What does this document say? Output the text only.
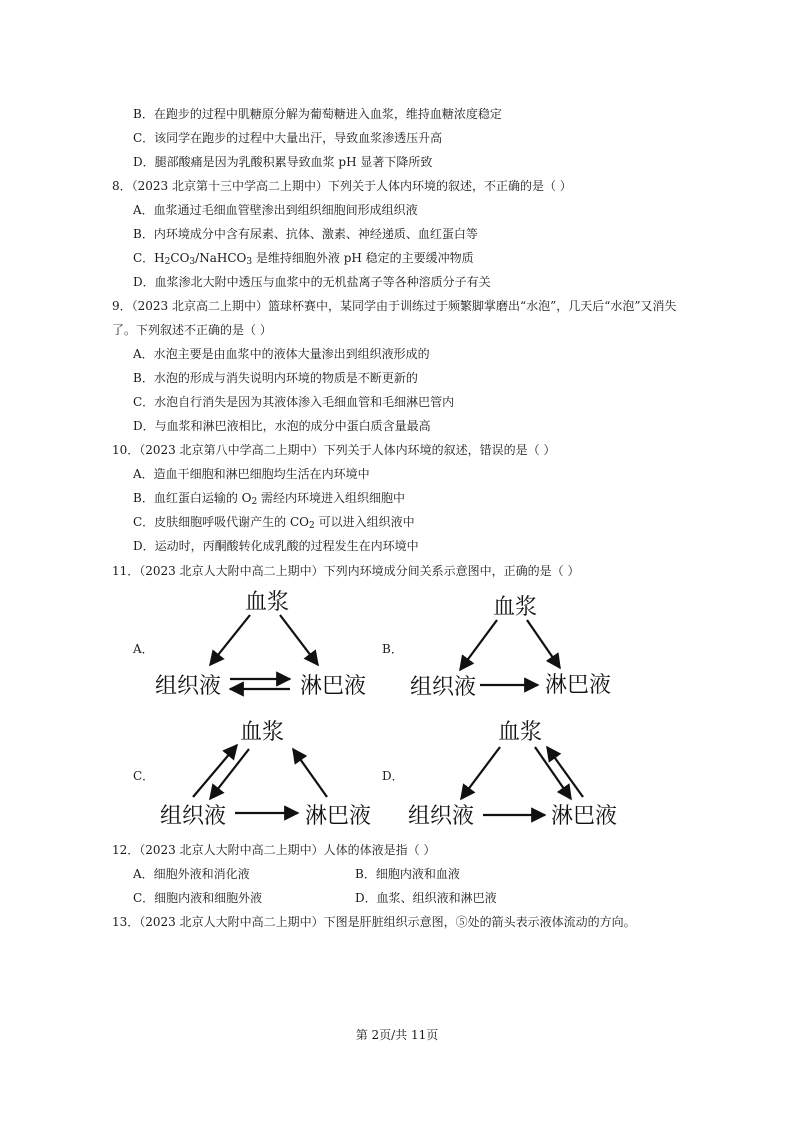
B．在跑步的过程中肌糖原分解为葡萄糖进入血浆，维持血糖浓度稳定
C．该同学在跑步的过程中大量出汗，导致血浆渗透压升高
D．腿部酸痛是因为乳酸积累导致血浆 pH 显著下降所致
8．（2023 北京第十三中学高二上期中）下列关于人体内环境的叙述，不正确的是（ ）
A．血浆通过毛细血管壁渗出到组织细胞间形成组织液
B．内环境成分中含有尿素、抗体、激素、神经递质、血红蛋白等
C．$H_2CO_3/NaHCO_3$ 是维持细胞外液 pH 稳定的主要缓冲物质
D．血浆渗北大附中透压与血浆中的无机盐离子等各种溶质分子有关
9．（2023 北京高二上期中）篮球杯赛中，某同学由于训练过于频繁脚掌磨出“水泡”，几天后“水泡”又消失
了。下列叙述不正确的是（ ）
A．水泡主要是由血浆中的液体大量渗出到组织液形成的
B．水泡的形成与消失说明内环境的物质是不断更新的
C．水泡自行消失是因为其液体渗入毛细血管和毛细淋巴管内
D．与血浆和淋巴液相比，水泡的成分中蛋白质含量最高
10．（2023 北京第八中学高二上期中）下列关于人体内环境的叙述，错误的是（ ）
A．造血干细胞和淋巴细胞均生活在内环境中
B．血红蛋白运输的 $O_2$ 需经内环境进入组织细胞中
C．皮肤细胞呼吸代谢产生的 $CO_2$ 可以进入组织液中
D．运动时，丙酮酸转化成乳酸的过程发生在内环境中
11．（2023 北京人大附中高二上期中）下列内环境成分间关系示意图中，正确的是（ ）
A．	B．
C．	D．
血浆
组织液	淋巴液
血浆
组织液	淋巴液
血浆
组织液	淋巴液
血浆
组织液	淋巴液
12．（2023 北京人大附中高二上期中）人体的体液是指（ ）
A．细胞外液和消化液	B．细胞内液和血液
C．细胞内液和细胞外液	D．血浆、组织液和淋巴液
13．（2023 北京人大附中高二上期中）下图是肝脏组织示意图，⑤处的箭头表示液体流动的方向。
第 2页/共 11页
